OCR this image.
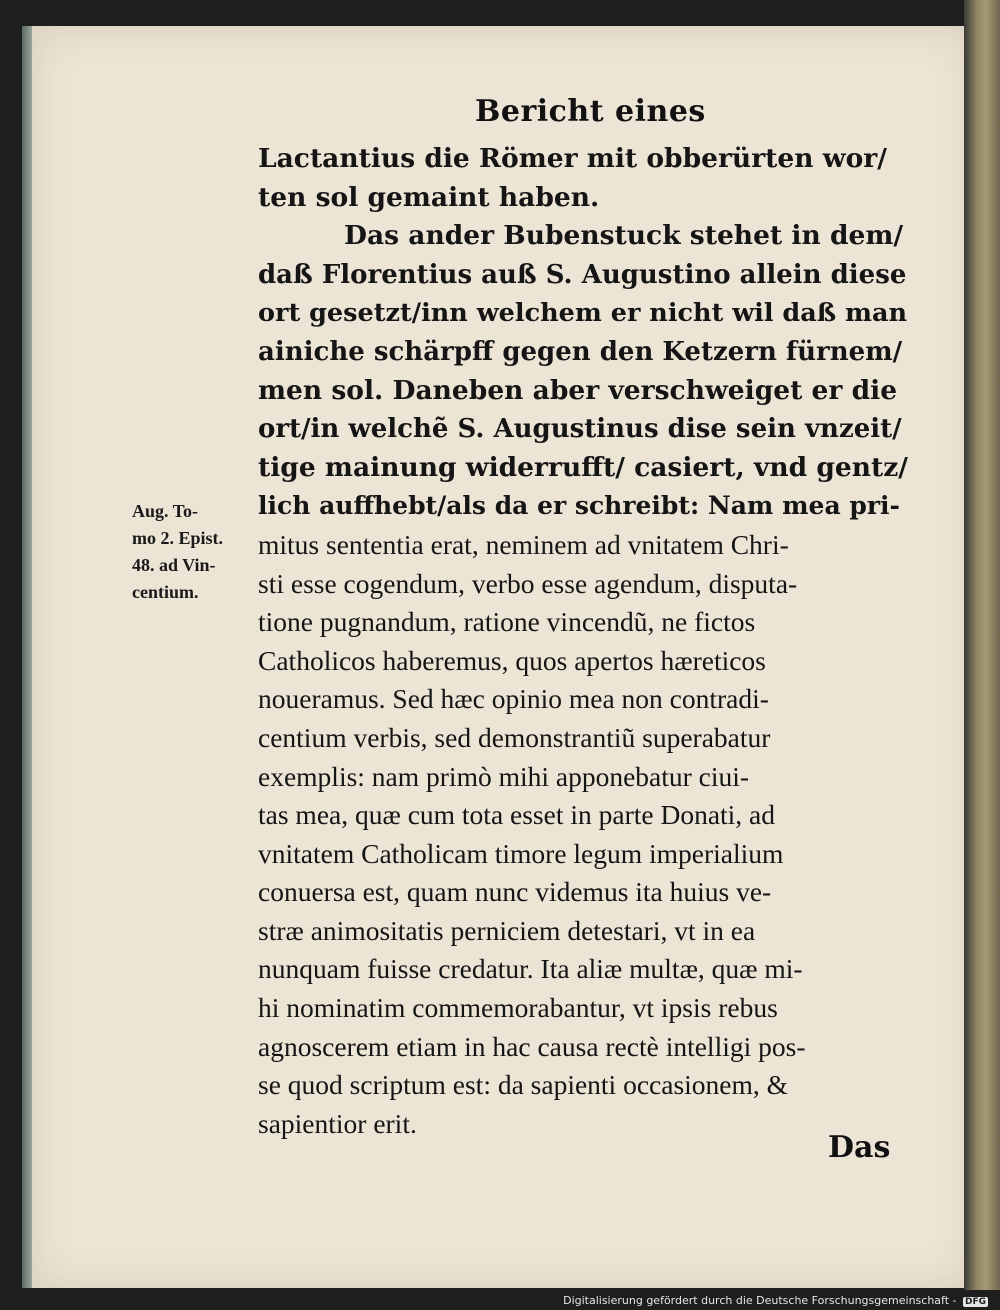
Bericht eines
Lactantius die Römer mit obberürten wor/
ten sol gemaint haben.
Das ander Bubenstuck stehet in dem/
daß Florentius auß S. Augustino allein diese
ort gesetzt/inn welchem er nicht wil daß man
ainiche schärpff gegen den Ketzern fürnem/
men sol. Daneben aber verschweiget er die
ort/in welchẽ S. Augustinus dise sein vnzeit/
tige mainung widerrufft/ casiert, vnd gentz/
lich auffhebt/als da er schreibt: Nam mea pri-
mitus sententia erat, neminem ad vnitatem Chri-
sti esse cogendum, verbo esse agendum, disputa-
tione pugnandum, ratione vincendũ, ne fictos
Catholicos haberemus, quos apertos hæreticos
noueramus. Sed hæc opinio mea non contradi-
centium verbis, sed demonstrantiũ superabatur
exemplis: nam primò mihi apponebatur ciui-
tas mea, quæ cum tota esset in parte Donati, ad
vnitatem Catholicam timore legum imperialium
conuersa est, quam nunc videmus ita huius ve-
stræ animositatis perniciem detestari, vt in ea
nunquam fuisse credatur. Ita aliæ multæ, quæ mi-
hi nominatim commemorabantur, vt ipsis rebus
agnoscerem etiam in hac causa rectè intelligi pos-
se quod scriptum est: da sapienti occasionem, &
sapientior erit.
Aug. To-
mo 2. Epist.
48. ad Vin-
centium.
Das
Digitalisierung gefördert durch die Deutsche Forschungsgemeinschaft - DFG
